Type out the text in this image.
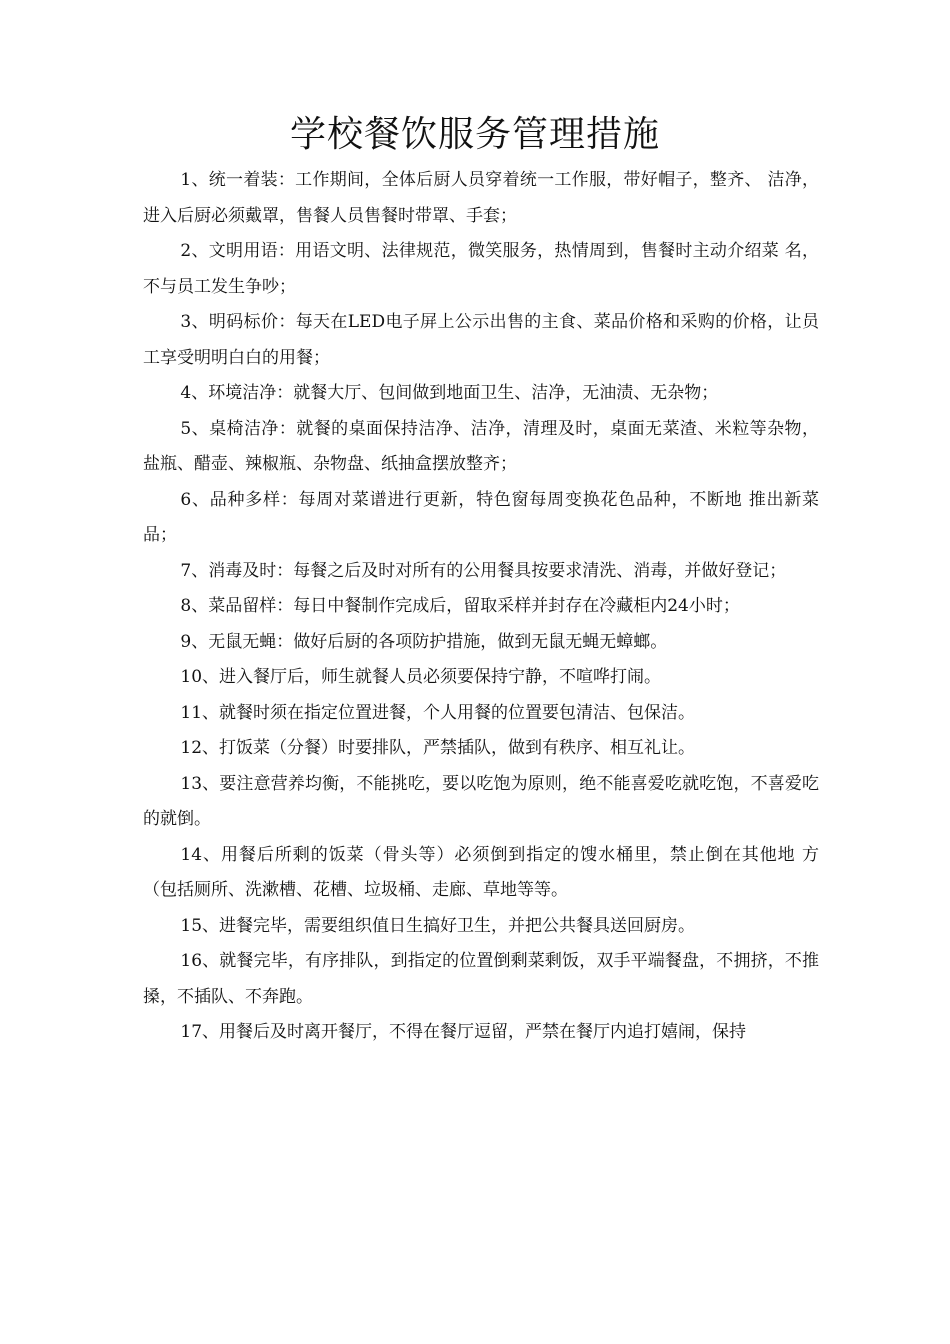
学校餐饮服务管理措施

1、统一着装：工作期间，全体后厨人员穿着统一工作服，带好帽子，整齐、 洁净，进入后厨必须戴罩，售餐人员售餐时带罩、手套；

2、文明用语：用语文明、法律规范，微笑服务，热情周到，售餐时主动介绍菜 名，不与员工发生争吵；

3、明码标价：每天在LED电子屏上公示出售的主食、菜品价格和采购的价格，让员工享受明明白白的用餐；

4、环境洁净：就餐大厅、包间做到地面卫生、洁净，无油渍、无杂物；

5、桌椅洁净：就餐的桌面保持洁净、洁净，清理及时，桌面无菜渣、米粒等杂物，盐瓶、醋壶、辣椒瓶、杂物盘、纸抽盒摆放整齐；

6、品种多样：每周对菜谱进行更新，特色窗每周变换花色品种，不断地 推出新菜品；

7、消毒及时：每餐之后及时对所有的公用餐具按要求清洗、消毒，并做好登记；

8、菜品留样：每日中餐制作完成后，留取采样并封存在冷藏柜内24小时；

9、无鼠无蝇：做好后厨的各项防护措施，做到无鼠无蝇无蟑螂。

10、进入餐厅后，师生就餐人员必须要保持宁静，不喧哗打闹。

11、就餐时须在指定位置进餐，个人用餐的位置要包清洁、包保洁。

12、打饭菜（分餐）时要排队，严禁插队，做到有秩序、相互礼让。

13、要注意营养均衡，不能挑吃，要以吃饱为原则，绝不能喜爱吃就吃饱，不喜爱吃的就倒。

14、用餐后所剩的饭菜（骨头等）必须倒到指定的馊水桶里，禁止倒在其他地 方（包括厕所、洗漱槽、花槽、垃圾桶、走廊、草地等等。

15、进餐完毕，需要组织值日生搞好卫生，并把公共餐具送回厨房。

16、就餐完毕，有序排队，到指定的位置倒剩菜剩饭，双手平端餐盘，不拥挤，不推搡，不插队、不奔跑。

17、用餐后及时离开餐厅，不得在餐厅逗留，严禁在餐厅内追打嬉闹，保持
